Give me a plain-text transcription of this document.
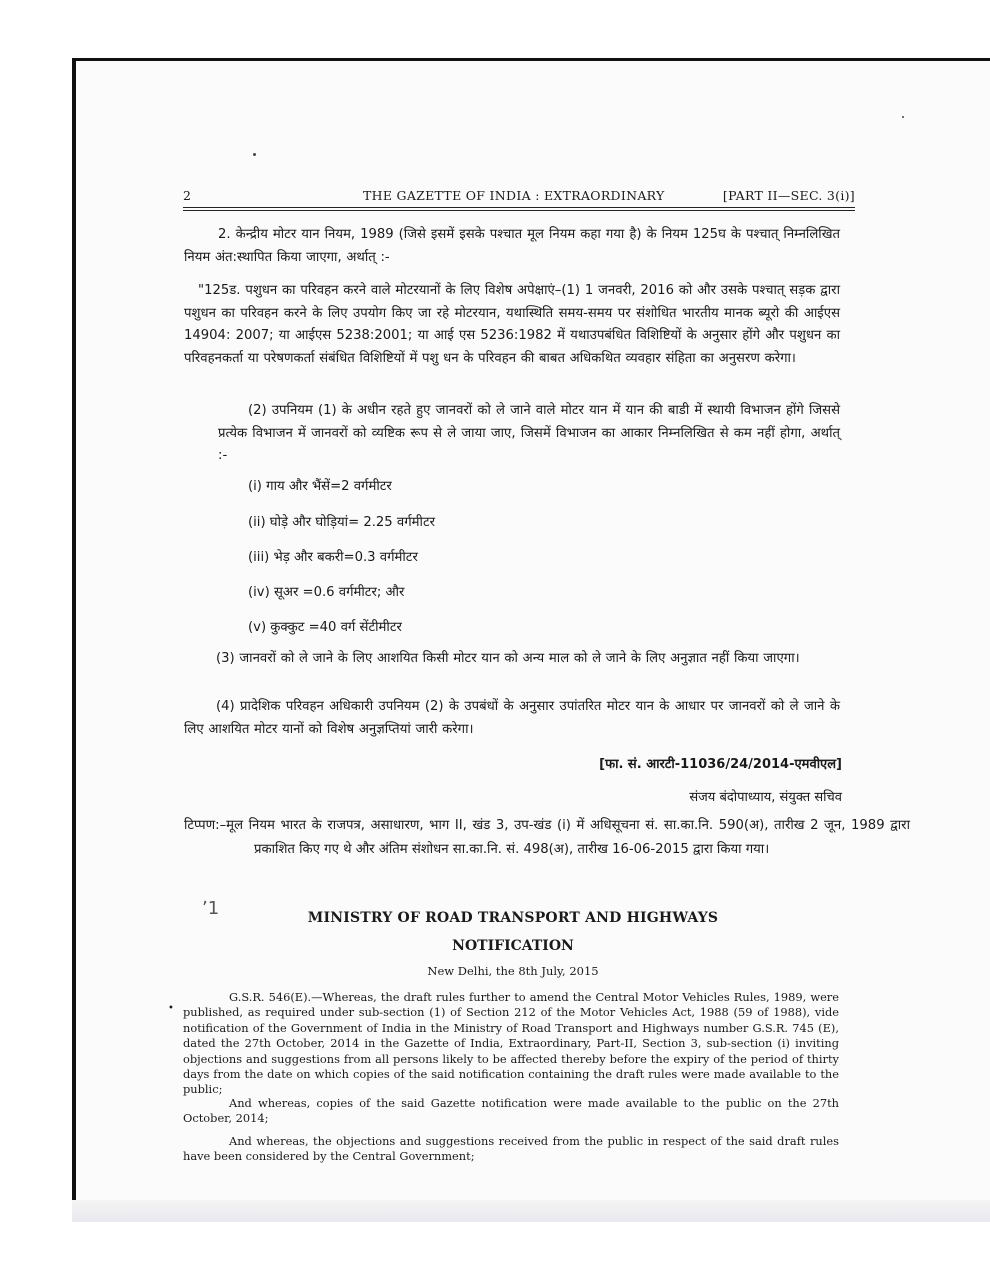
2	THE GAZETTE OF INDIA : EXTRAORDINARY	[PART II—SEC. 3(i)]
2. केन्द्रीय मोटर यान नियम, 1989 (जिसे इसमें इसके पश्चात मूल नियम कहा गया है) के नियम 125घ के पश्चात् निम्नलिखित नियम अंत:स्थापित किया जाएगा, अर्थात् :-
"125ड. पशुधन का परिवहन करने वाले मोटरयानों के लिए विशेष अपेक्षाएं–(1) 1 जनवरी, 2016 को और उसके पश्चात् सड़क द्वारा पशुधन का परिवहन करने के लिए उपयोग किए जा रहे मोटरयान, यथास्थिति समय-समय पर संशोधित भारतीय मानक ब्यूरो की आईएस 14904: 2007; या आईएस 5238:2001; या आई एस 5236:1982 में यथाउपबंधित विशिष्टियों के अनुसार होंगे और पशुधन का परिवहनकर्ता या परेषणकर्ता संबंधित विशिष्टियों में पशु धन के परिवहन की बाबत अधिकथित व्यवहार संहिता का अनुसरण करेगा।
(2) उपनियम (1) के अधीन रहते हुए जानवरों को ले जाने वाले मोटर यान में यान की बाडी में स्थायी विभाजन होंगे जिससे प्रत्येक विभाजन में जानवरों को व्यष्टिक रूप से ले जाया जाए, जिसमें विभाजन का आकार निम्नलिखित से कम नहीं होगा, अर्थात् :-
(i) गाय और भैंसें=2 वर्गमीटर
(ii) घोड़े और घोड़ियां= 2.25 वर्गमीटर
(iii) भेड़ और बकरी=0.3 वर्गमीटर
(iv) सूअर =0.6 वर्गमीटर; और
(v) कुक्कुट =40 वर्ग सेंटीमीटर
(3) जानवरों को ले जाने के लिए आशयित किसी मोटर यान को अन्य माल को ले जाने के लिए अनुज्ञात नहीं किया जाएगा।
(4) प्रादेशिक परिवहन अधिकारी उपनियम (2) के उपबंधों के अनुसार उपांतरित मोटर यान के आधार पर जानवरों को ले जाने के लिए आशयित मोटर यानों को विशेष अनुज्ञप्तियां जारी करेगा।
[फा. सं. आरटी-11036/24/2014-एमवीएल]
संजय बंदोपाध्याय, संयुक्त सचिव
टिप्पण:–मूल नियम भारत के राजपत्र, असाधारण, भाग II, खंड 3, उप-खंड (i) में अधिसूचना सं. सा.का.नि. 590(अ), तारीख 2 जून, 1989 द्वारा प्रकाशित किए गए थे और अंतिम संशोधन सा.का.नि. सं. 498(अ), तारीख 16-06-2015 द्वारा किया गया।
ʼ1	MINISTRY OF ROAD TRANSPORT AND HIGHWAYS
NOTIFICATION
New Delhi, the 8th July, 2015
•
G.S.R. 546(E).—Whereas, the draft rules further to amend the Central Motor Vehicles Rules, 1989, were published, as required under sub-section (1) of Section 212 of the Motor Vehicles Act, 1988 (59 of 1988), vide notification of the Government of India in the Ministry of Road Transport and Highways number G.S.R. 745 (E), dated the 27th October, 2014 in the Gazette of India, Extraordinary, Part-II, Section 3, sub-section (i) inviting objections and suggestions from all persons likely to be affected thereby before the expiry of the period of thirty days from the date on which copies of the said notification containing the draft rules were made available to the public;
And whereas, copies of the said Gazette notification were made available to the public on the 27th October, 2014;
And whereas, the objections and suggestions received from the public in respect of the said draft rules have been considered by the Central Government;
